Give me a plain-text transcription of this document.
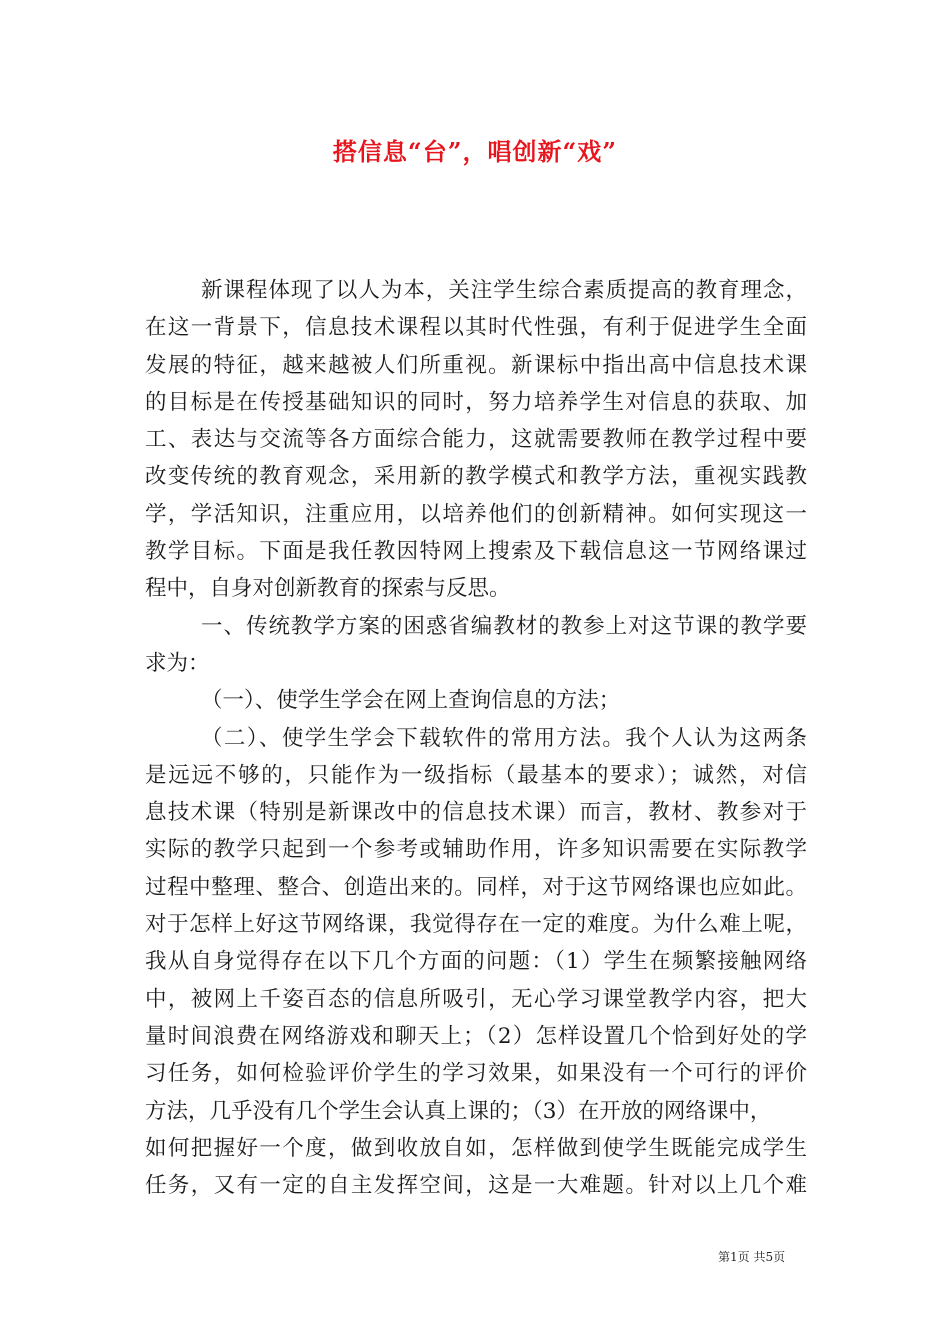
搭信息“台”，唱创新“戏”
新课程体现了以人为本，关注学生综合素质提高的教育理念，
在这一背景下，信息技术课程以其时代性强，有利于促进学生全面
发展的特征，越来越被人们所重视。新课标中指出高中信息技术课
的目标是在传授基础知识的同时，努力培养学生对信息的获取、加
工、表达与交流等各方面综合能力，这就需要教师在教学过程中要
改变传统的教育观念，采用新的教学模式和教学方法，重视实践教
学，学活知识，注重应用，以培养他们的创新精神。如何实现这一
教学目标。下面是我任教因特网上搜索及下载信息这一节网络课过
程中，自身对创新教育的探索与反思。
一、传统教学方案的困惑省编教材的教参上对这节课的教学要
求为：
（一）、使学生学会在网上查询信息的方法；
（二）、使学生学会下载软件的常用方法。我个人认为这两条
是远远不够的，只能作为一级指标（最基本的要求）；诚然，对信
息技术课（特别是新课改中的信息技术课）而言，教材、教参对于
实际的教学只起到一个参考或辅助作用，许多知识需要在实际教学
过程中整理、整合、创造出来的。同样，对于这节网络课也应如此。
对于怎样上好这节网络课，我觉得存在一定的难度。为什么难上呢，
我从自身觉得存在以下几个方面的问题：（1）学生在频繁接触网络
中，被网上千姿百态的信息所吸引，无心学习课堂教学内容，把大
量时间浪费在网络游戏和聊天上；（2）怎样设置几个恰到好处的学
习任务，如何检验评价学生的学习效果，如果没有一个可行的评价
方法，几乎没有几个学生会认真上课的；（3）在开放的网络课中，
如何把握好一个度，做到收放自如，怎样做到使学生既能完成学生
任务，又有一定的自主发挥空间，这是一大难题。针对以上几个难
第1页 共5页
